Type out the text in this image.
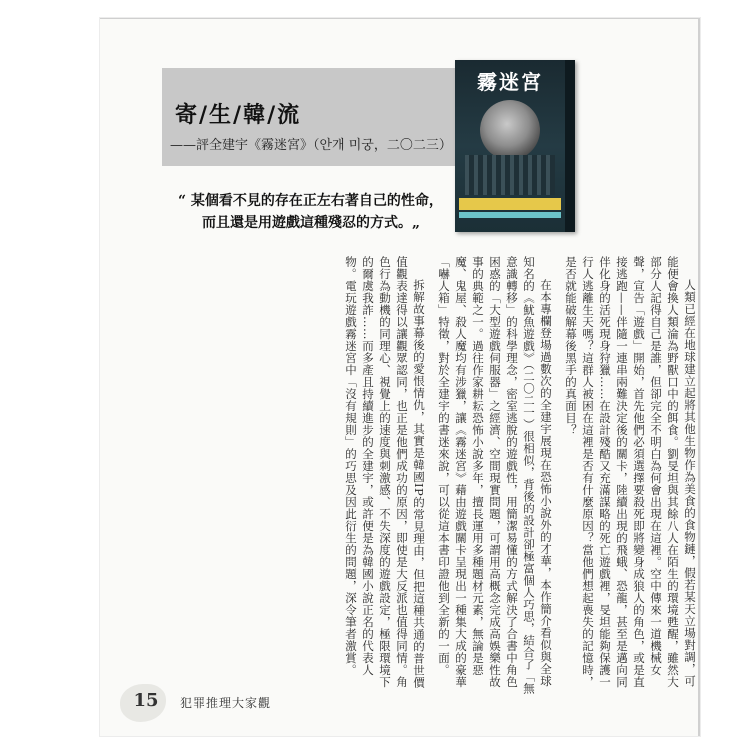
寄/生/韓/流
——評全建宇《霧迷宮》（안개 미궁，二〇二三）
霧迷宮
“ 某個看不見的存在正左右著自己的性命，
而且還是用遊戲這種殘忍的方式。„

人類已經在地球建立起將其他生物作為美食的食物鏈，假若某天立場對調，可能便會換人類淪為野獸口中的餌食。劉旻坦與其餘八人在陌生的環境甦醒，雖然大部分人記得自己是誰，但卻完全不明白為何會出現在這裡。空中傳來一道機械女聲，宣告「遊戲」開始，首先他們必須選擇要殺死即將變身成狼人的角色，或是直接逃跑——伴隨一連串兩難決定後的關卡，陸續出現的飛蛾、恐龍，甚至是邁向同伴化身的活死現身狩獵……在設計殘酷又充滿謀略的死亡遊戲裡，旻坦能夠保護一行人逃離生天嗎？這群人被困在這裡是否有什麼原因？當他們想起喪失的記憶時，是否就能破解幕後黑手的真面目？

在本專欄登場過數次的全建宇展現在恐怖小說外的才華，本作簡介看似與全球知名的《魷魚遊戲》（二〇二一）很相似，背後的設計卻極富個人巧思，結合了「無意識轉移」的科學理念，密室逃脫的遊戲性，用簡潔易懂的方式解決了合書中角色困惑的「大型遊戲伺服器」之經濟、空間現實問題，可謂用高概念完成高娛樂性故事的典範之一。過往作家耕耘恐怖小說多年，擅長運用多種題材元素，無論是惡魔、鬼屋、殺人魔均有涉獵，讓《霧迷宮》藉由遊戲關卡呈現出一種集大成的豪華「嚇人箱」特徵，對於全建宇的書迷來說，可以從這本書印證他到全新的一面。

拆解故事幕後的愛恨情仇，其實是韓國IP的常見理由，但把這種共通的普世價值觀表達得以讓觀眾認同，也正是他們成功的原因，即使是大反派也值得同情。角色行為動機的同理心、視覺上的速度與刺激感、不失深度的遊戲設定，極限環境下的爾虞我詐……而多產且持續進步的全建宇，或許便是為韓國小說正名的代表人物。電玩遊戲霧迷宮中「沒有規則」的巧思及因此衍生的問題，深令筆者激賞。

15	犯罪推理大家觀
